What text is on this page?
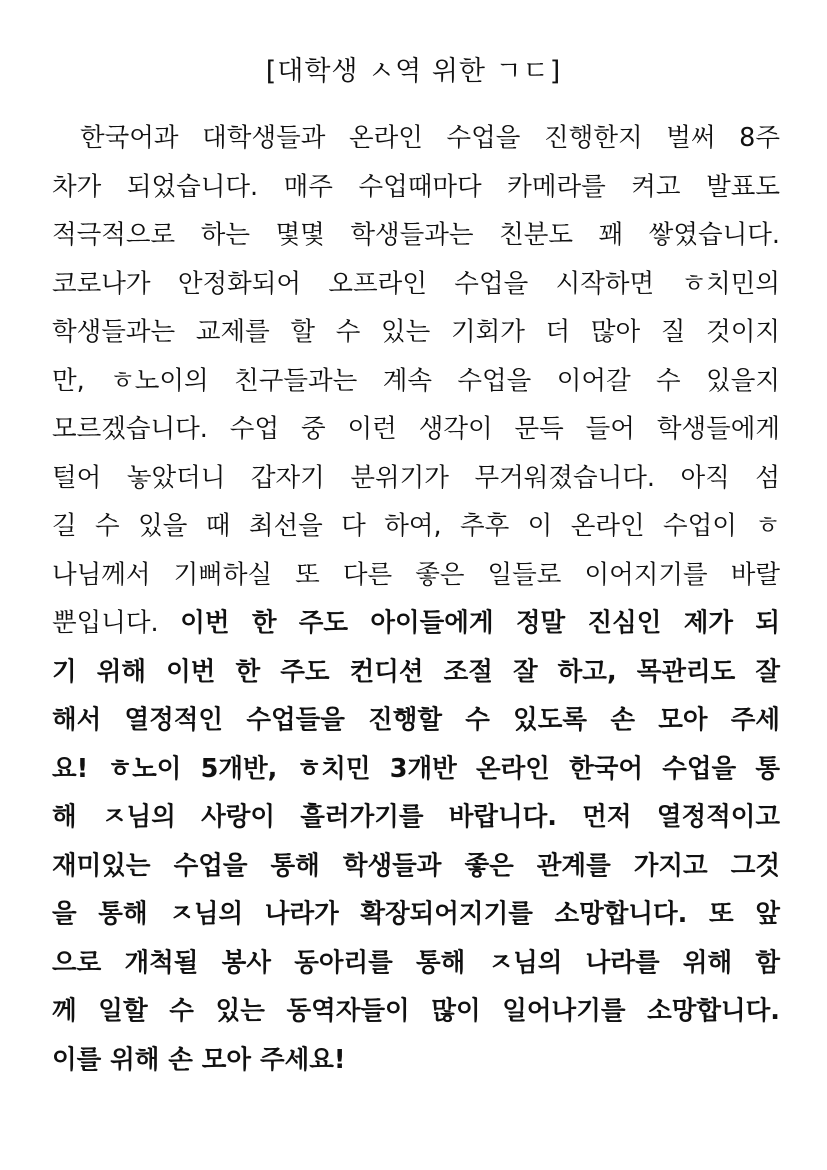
[대학생 ㅅ역 위한 ㄱㄷ]
한국어과 대학생들과 온라인 수업을 진행한지 벌써 8주
차가 되었습니다. 매주 수업때마다 카메라를 켜고 발표도
적극적으로 하는 몇몇 학생들과는 친분도 꽤 쌓였습니다.
코로나가 안정화되어 오프라인 수업을 시작하면 ㅎ치민의
학생들과는 교제를 할 수 있는 기회가 더 많아 질 것이지
만, ㅎ노이의 친구들과는 계속 수업을 이어갈 수 있을지
모르겠습니다. 수업 중 이런 생각이 문득 들어 학생들에게
털어 놓았더니 갑자기 분위기가 무거워졌습니다. 아직 섬
길 수 있을 때 최선을 다 하여, 추후 이 온라인 수업이 ㅎ
나님께서 기뻐하실 또 다른 좋은 일들로 이어지기를 바랄
뿐입니다. 이번 한 주도 아이들에게 정말 진심인 제가 되
기 위해 이번 한 주도 컨디션 조절 잘 하고, 목관리도 잘
해서 열정적인 수업들을 진행할 수 있도록 손 모아 주세
요! ㅎ노이 5개반, ㅎ치민 3개반 온라인 한국어 수업을 통
해 ㅈ님의 사랑이 흘러가기를 바랍니다. 먼저 열정적이고
재미있는 수업을 통해 학생들과 좋은 관계를 가지고 그것
을 통해 ㅈ님의 나라가 확장되어지기를 소망합니다. 또 앞
으로 개척될 봉사 동아리를 통해 ㅈ님의 나라를 위해 함
께 일할 수 있는 동역자들이 많이 일어나기를 소망합니다.
이를 위해 손 모아 주세요!
